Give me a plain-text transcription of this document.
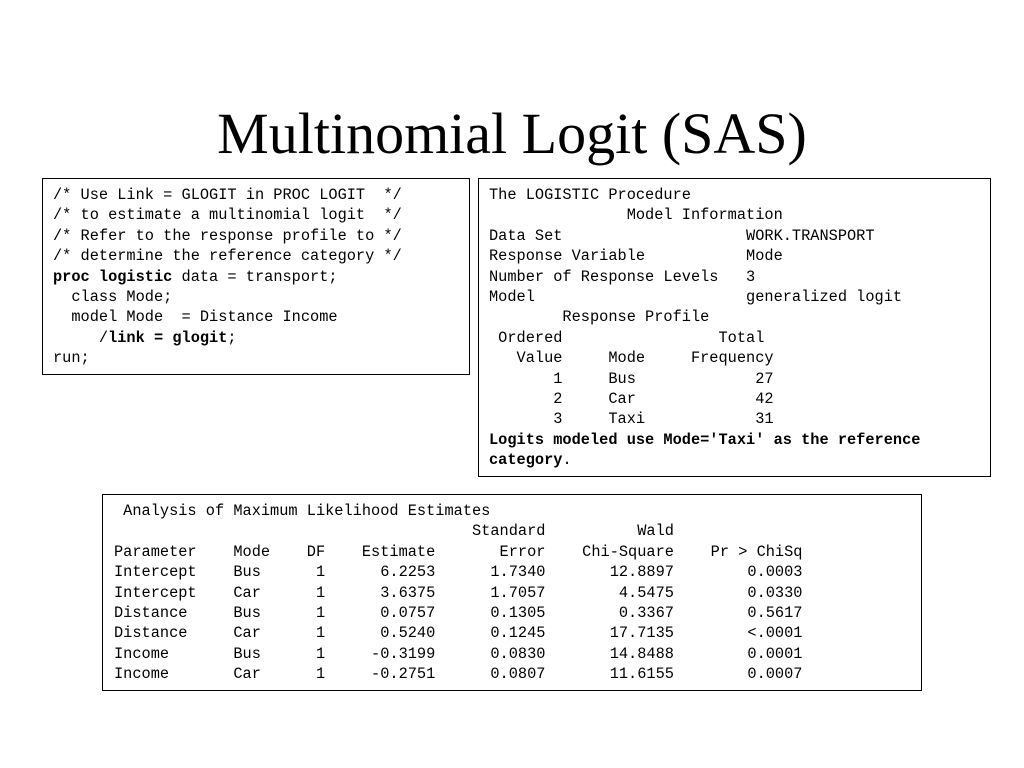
Multinomial Logit (SAS)
/* Use Link = GLOGIT in PROC LOGIT  */
/* to estimate a multinomial logit  */
/* Refer to the response profile to */
/* determine the reference category */
proc logistic data = transport;
class Mode;
model Mode  = Distance Income
/link = glogit;
run;
The LOGISTIC Procedure
Model Information
Data Set                    WORK.TRANSPORT
Response Variable           Mode
Number of Response Levels   3
Model                       generalized logit
Response Profile
Ordered                 Total
Value     Mode     Frequency
1     Bus             27
2     Car             42
3     Taxi            31
Logits modeled use Mode='Taxi' as the reference
category.
Analysis of Maximum Likelihood Estimates
Standard          Wald
Parameter    Mode    DF    Estimate       Error    Chi-Square    Pr > ChiSq
Intercept    Bus      1      6.2253      1.7340       12.8897        0.0003
Intercept    Car      1      3.6375      1.7057        4.5475        0.0330
Distance     Bus      1      0.0757      0.1305        0.3367        0.5617
Distance     Car      1      0.5240      0.1245       17.7135        <.0001
Income       Bus      1     -0.3199      0.0830       14.8488        0.0001
Income       Car      1     -0.2751      0.0807       11.6155        0.0007
